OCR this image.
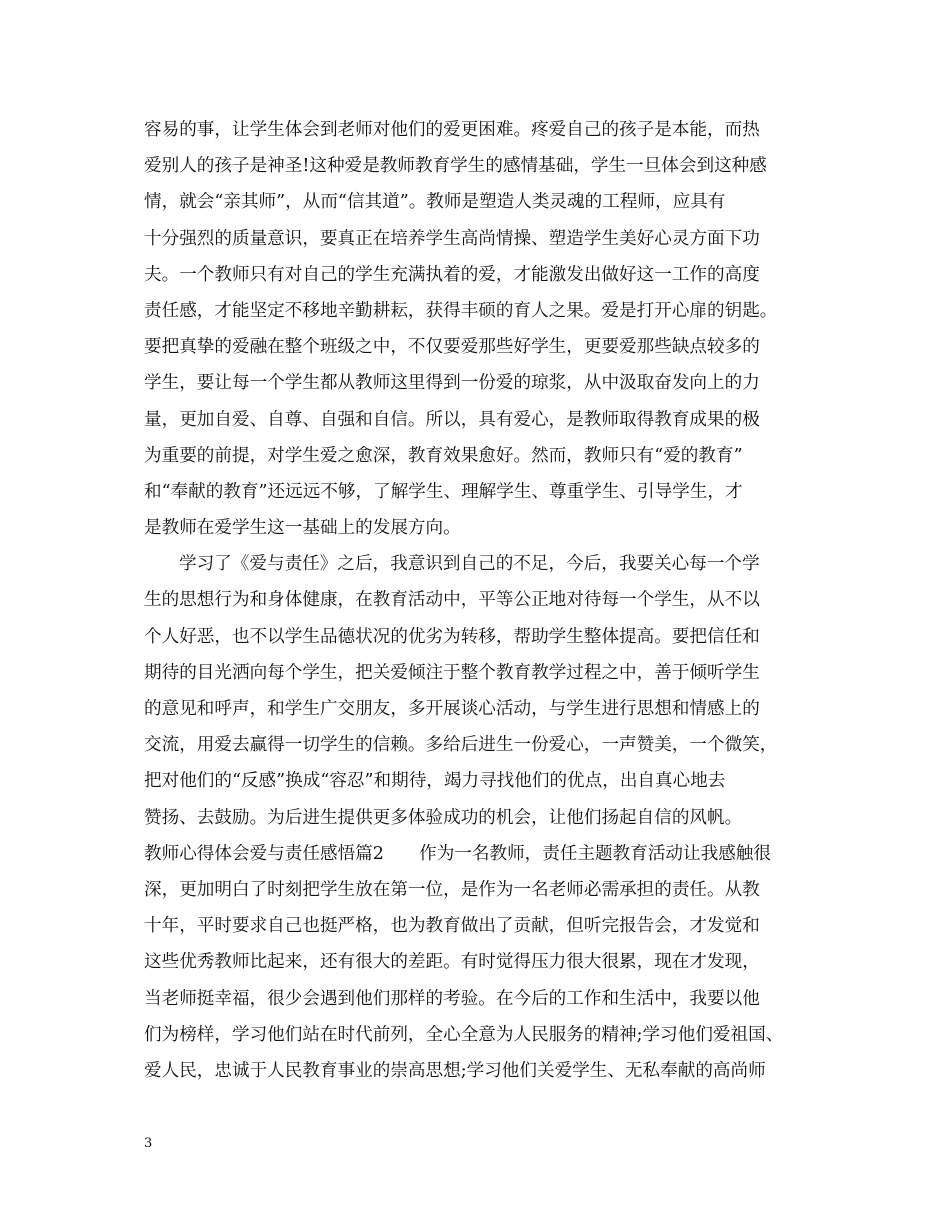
容易的事，让学生体会到老师对他们的爱更困难。疼爱自己的孩子是本能，而热
爱别人的孩子是神圣!这种爱是教师教育学生的感情基础，学生一旦体会到这种感
情，就会“亲其师”，从而“信其道”。教师是塑造人类灵魂的工程师，应具有
十分强烈的质量意识，要真正在培养学生高尚情操、塑造学生美好心灵方面下功
夫。一个教师只有对自己的学生充满执着的爱，才能激发出做好这一工作的高度
责任感，才能坚定不移地辛勤耕耘，获得丰硕的育人之果。爱是打开心扉的钥匙。
要把真挚的爱融在整个班级之中，不仅要爱那些好学生，更要爱那些缺点较多的
学生，要让每一个学生都从教师这里得到一份爱的琼浆，从中汲取奋发向上的力
量，更加自爱、自尊、自强和自信。所以，具有爱心，是教师取得教育成果的极
为重要的前提，对学生爱之愈深，教育效果愈好。然而，教师只有“爱的教育”
和“奉献的教育”还远远不够，了解学生、理解学生、尊重学生、引导学生，才
是教师在爱学生这一基础上的发展方向。
学习了《爱与责任》之后，我意识到自己的不足，今后，我要关心每一个学
生的思想行为和身体健康，在教育活动中，平等公正地对待每一个学生，从不以
个人好恶，也不以学生品德状况的优劣为转移，帮助学生整体提高。要把信任和
期待的目光洒向每个学生，把关爱倾注于整个教育教学过程之中，善于倾听学生
的意见和呼声，和学生广交朋友，多开展谈心活动，与学生进行思想和情感上的
交流，用爱去赢得一切学生的信赖。多给后进生一份爱心，一声赞美，一个微笑，
把对他们的“反感”换成“容忍”和期待，竭力寻找他们的优点，出自真心地去
赞扬、去鼓励。为后进生提供更多体验成功的机会，让他们扬起自信的风帆。
教师心得体会爱与责任感悟篇2　　作为一名教师，责任主题教育活动让我感触很
深，更加明白了时刻把学生放在第一位，是作为一名老师必需承担的责任。从教
十年，平时要求自己也挺严格，也为教育做出了贡献，但听完报告会，才发觉和
这些优秀教师比起来，还有很大的差距。有时觉得压力很大很累，现在才发现，
当老师挺幸福，很少会遇到他们那样的考验。在今后的工作和生活中，我要以他
们为榜样，学习他们站在时代前列，全心全意为人民服务的精神;学习他们爱祖国、
爱人民，忠诚于人民教育事业的崇高思想;学习他们关爱学生、无私奉献的高尚师
3
